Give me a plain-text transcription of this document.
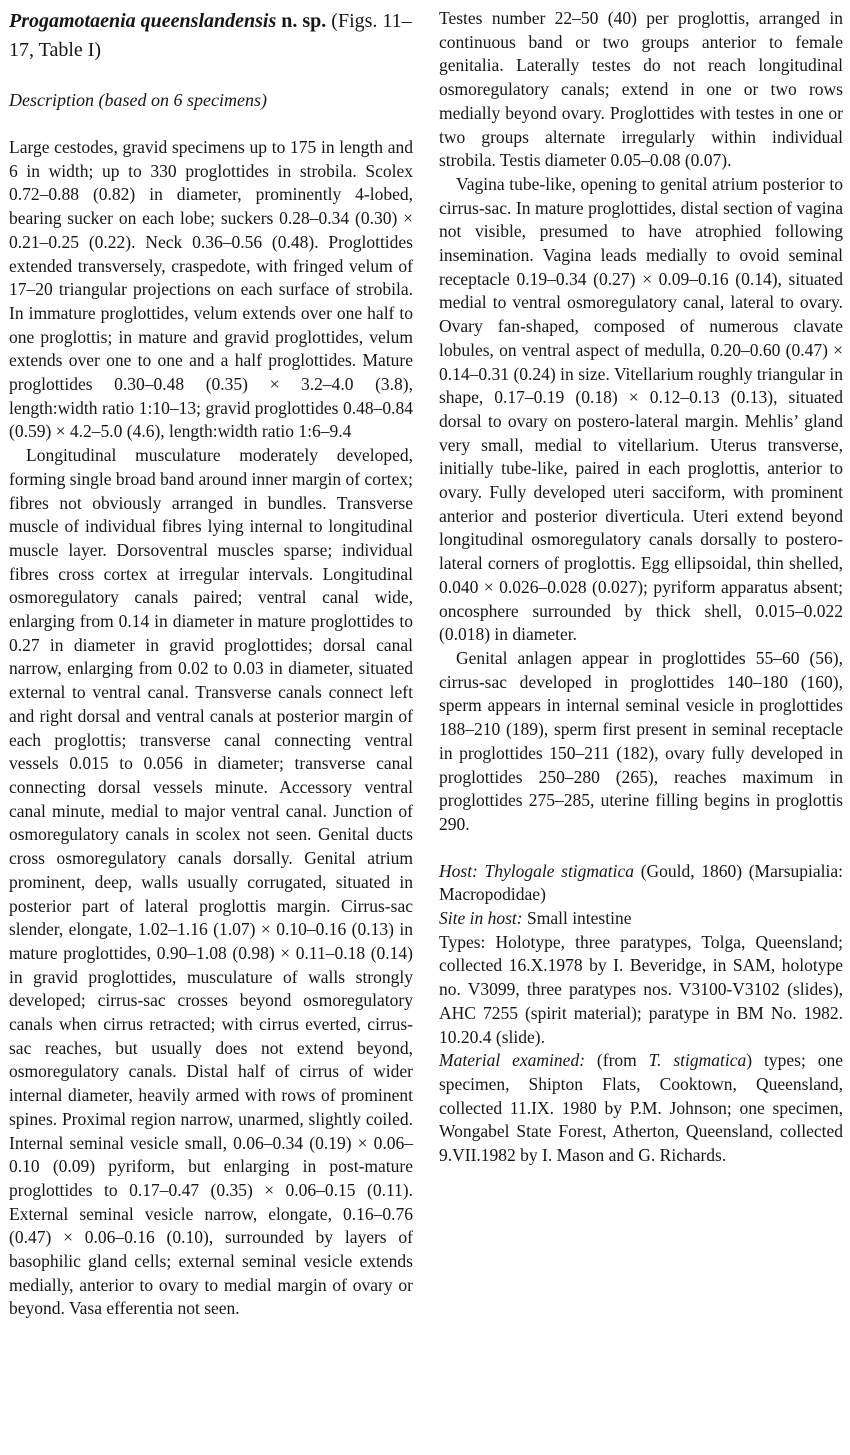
Progamotaenia queenslandensis n. sp. (Figs. 11–17, Table I)
Description (based on 6 specimens)

Large cestodes, gravid specimens up to 175 in length and 6 in width; up to 330 proglottides in strobila. Scolex 0.72–0.88 (0.82) in diameter, prominently 4-lobed, bearing sucker on each lobe; suckers 0.28–0.34 (0.30) × 0.21–0.25 (0.22). Neck 0.36–0.56 (0.48). Proglottides extended transversely, craspedote, with fringed velum of 17–20 triangular projections on each surface of strobila. In immature proglottides, velum extends over one half to one proglottis; in mature and gravid proglottides, velum extends over one to one and a half proglottides. Mature proglottides 0.30–0.48 (0.35) × 3.2–4.0 (3.8), length:width ratio 1:10–13; gravid proglottides 0.48–0.84 (0.59) × 4.2–5.0 (4.6), length:width ratio 1:6–9.4

Longitudinal musculature moderately developed, forming single broad band around inner margin of cortex; fibres not obviously arranged in bundles. Transverse muscle of individual fibres lying internal to longitudinal muscle layer. Dorsoventral muscles sparse; individual fibres cross cortex at irregular intervals. Longitudinal osmoregulatory canals paired; ventral canal wide, enlarging from 0.14 in diameter in mature proglottides to 0.27 in diameter in gravid proglottides; dorsal canal narrow, enlarging from 0.02 to 0.03 in diameter, situated external to ventral canal. Transverse canals connect left and right dorsal and ventral canals at posterior margin of each proglottis; transverse canal connecting ventral vessels 0.015 to 0.056 in diameter; transverse canal connecting dorsal vessels minute. Accessory ventral canal minute, medial to major ventral canal. Junction of osmoregulatory canals in scolex not seen. Genital ducts cross osmoregulatory canals dorsally. Genital atrium prominent, deep, walls usually corrugated, situated in posterior part of lateral proglottis margin. Cirrus-sac slender, elongate, 1.02–1.16 (1.07) × 0.10–0.16 (0.13) in mature proglottides, 0.90–1.08 (0.98) × 0.11–0.18 (0.14) in gravid proglottides, musculature of walls strongly developed; cirrus-sac crosses beyond osmoregulatory canals when cirrus retracted; with cirrus everted, cirrus-sac reaches, but usually does not extend beyond, osmoregulatory canals. Distal half of cirrus of wider internal diameter, heavily armed with rows of prominent spines. Proximal region narrow, unarmed, slightly coiled. Internal seminal vesicle small, 0.06–0.34 (0.19) × 0.06–0.10 (0.09) pyriform, but enlarging in post-mature proglottides to 0.17–0.47 (0.35) × 0.06–0.15 (0.11). External seminal vesicle narrow, elongate, 0.16–0.76 (0.47) × 0.06–0.16 (0.10), surrounded by layers of basophilic gland cells; external seminal vesicle extends medially, anterior to ovary to medial margin of ovary or beyond. Vasa efferentia not seen.

Testes number 22–50 (40) per proglottis, arranged in continuous band or two groups anterior to female genitalia. Laterally testes do not reach longitudinal osmoregulatory canals; extend in one or two rows medially beyond ovary. Proglottides with testes in one or two groups alternate irregularly within individual strobila. Testis diameter 0.05–0.08 (0.07).

Vagina tube-like, opening to genital atrium posterior to cirrus-sac. In mature proglottides, distal section of vagina not visible, presumed to have atrophied following insemination. Vagina leads medially to ovoid seminal receptacle 0.19–0.34 (0.27) × 0.09–0.16 (0.14), situated medial to ventral osmoregulatory canal, lateral to ovary. Ovary fan-shaped, composed of numerous clavate lobules, on ventral aspect of medulla, 0.20–0.60 (0.47) × 0.14–0.31 (0.24) in size. Vitellarium roughly triangular in shape, 0.17–0.19 (0.18) × 0.12–0.13 (0.13), situated dorsal to ovary on postero-lateral margin. Mehlis’ gland very small, medial to vitellarium. Uterus transverse, initially tube-like, paired in each proglottis, anterior to ovary. Fully developed uteri sacciform, with prominent anterior and posterior diverticula. Uteri extend beyond longitudinal osmoregulatory canals dorsally to postero-lateral corners of proglottis. Egg ellipsoidal, thin shelled, 0.040 × 0.026–0.028 (0.027); pyriform apparatus absent; oncosphere surrounded by thick shell, 0.015–0.022 (0.018) in diameter.

Genital anlagen appear in proglottides 55–60 (56), cirrus-sac developed in proglottides 140–180 (160), sperm appears in internal seminal vesicle in proglottides 188–210 (189), sperm first present in seminal receptacle in proglottides 150–211 (182), ovary fully developed in proglottides 250–280 (265), reaches maximum in proglottides 275–285, uterine filling begins in proglottis 290.

Host: Thylogale stigmatica (Gould, 1860) (Marsupialia: Macropodidae)

Site in host: Small intestine

Types: Holotype, three paratypes, Tolga, Queensland; collected 16.X.1978 by I. Beveridge, in SAM, holotype no. V3099, three paratypes nos. V3100-V3102 (slides), AHC 7255 (spirit material); paratype in BM No. 1982. 10.20.4 (slide).

Material examined: (from T. stigmatica) types; one specimen, Shipton Flats, Cooktown, Queensland, collected 11.IX. 1980 by P.M. Johnson; one specimen, Wongabel State Forest, Atherton, Queensland, collected 9.VII.1982 by I. Mason and G. Richards.
